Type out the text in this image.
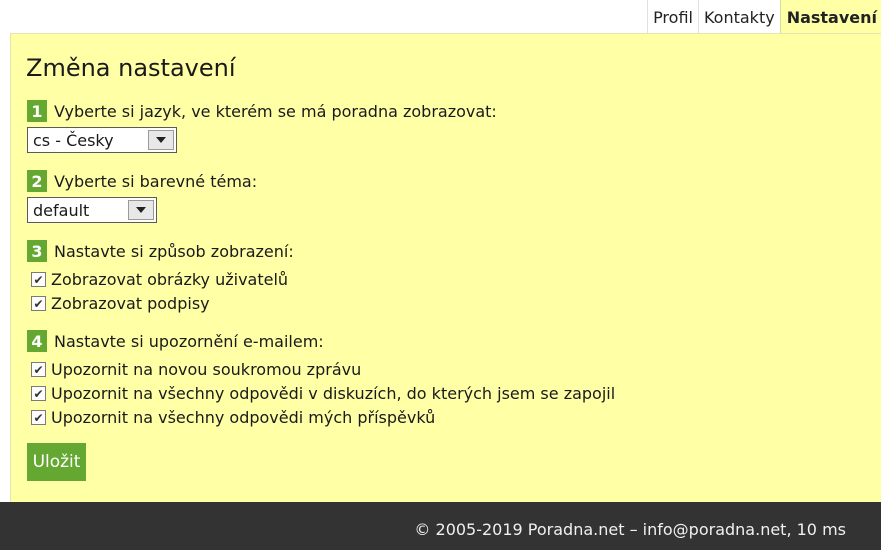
Profil Kontakty Nastavení
Změna nastavení
1 Vyberte si jazyk, ve kterém se má poradna zobrazovat:
cs - Česky
2 Vyberte si barevné téma:
default
3 Nastavte si způsob zobrazení:
✔ Zobrazovat obrázky uživatelů
✔ Zobrazovat podpisy
4 Nastavte si upozornění e-mailem:
✔ Upozornit na novou soukromou zprávu
✔ Upozornit na všechny odpovědi v diskuzích, do kterých jsem se zapojil
✔ Upozornit na všechny odpovědi mých příspěvků
Uložit
© 2005-2019 Poradna.net – info@poradna.net, 10 ms
